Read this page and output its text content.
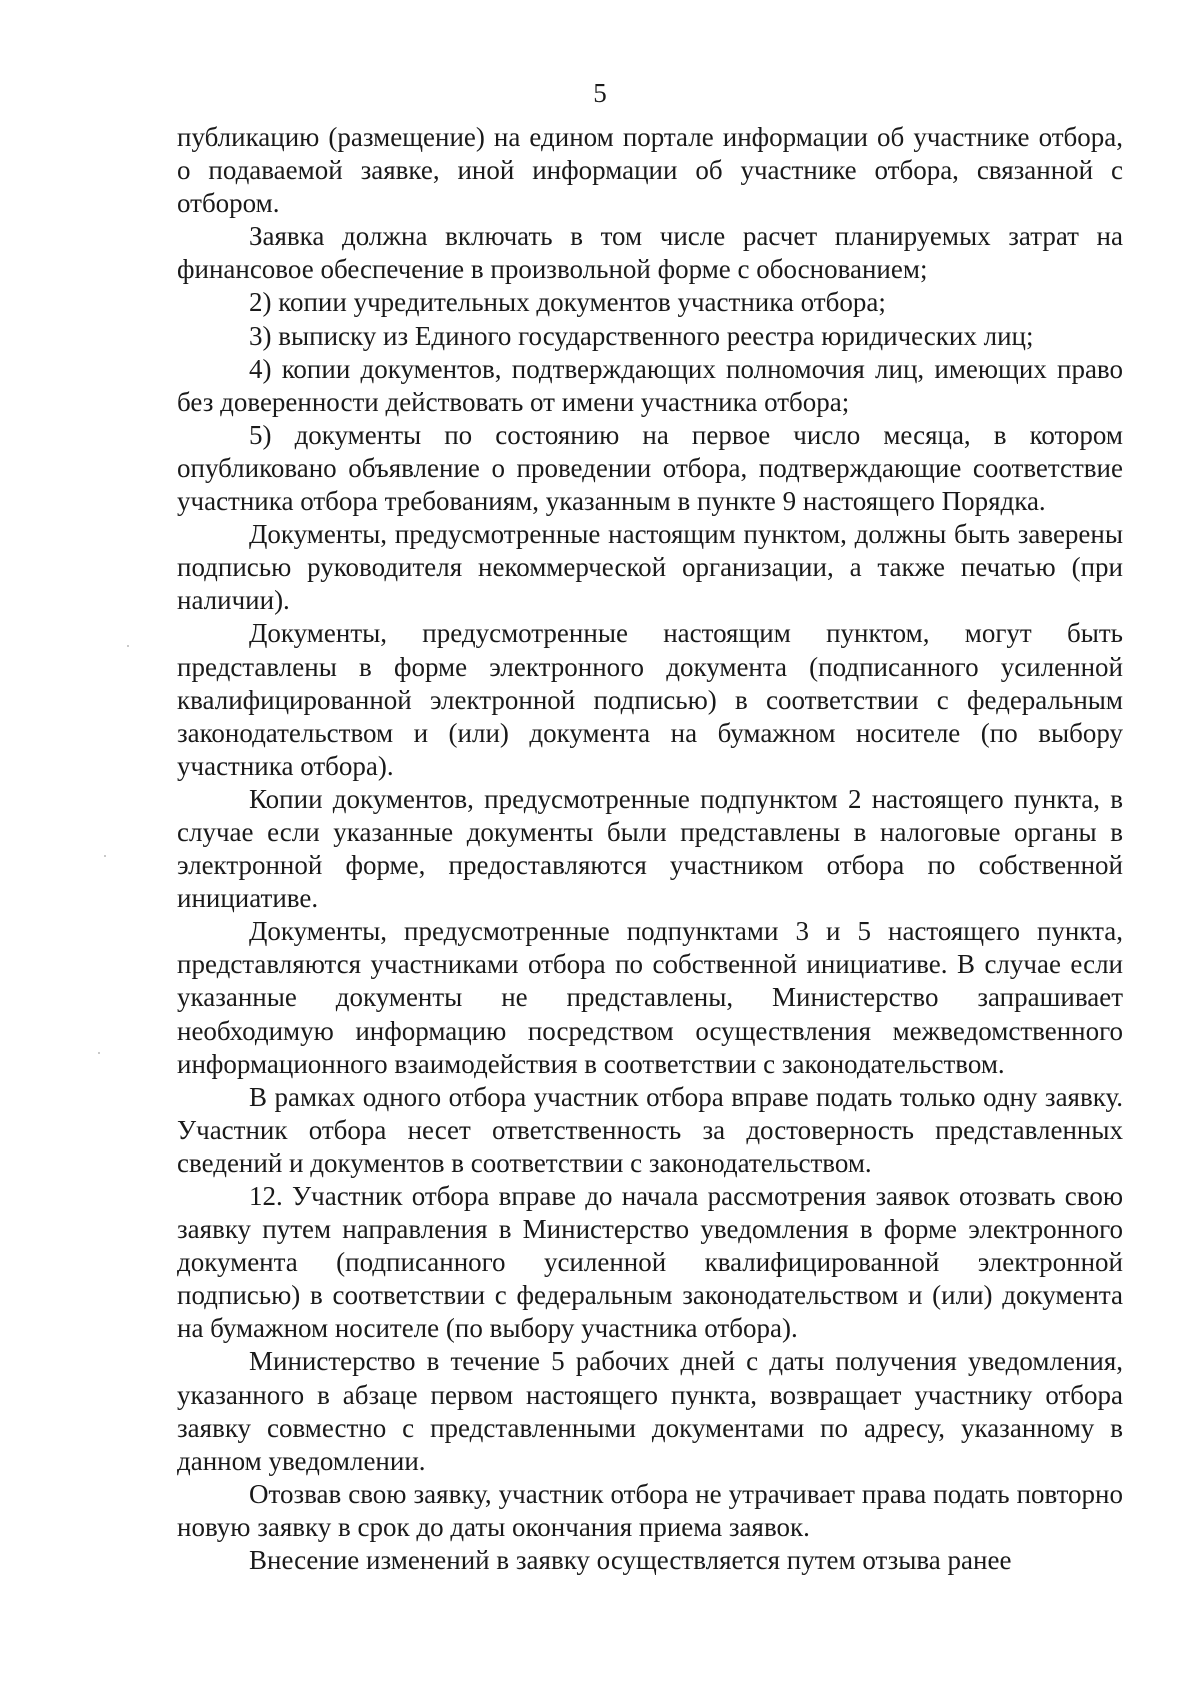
5

публикацию (размещение) на едином портале информации об участнике отбора, о подаваемой заявке, иной информации об участнике отбора, связанной с отбором.

Заявка должна включать в том числе расчет планируемых затрат на финансовое обеспечение в произвольной форме с обоснованием;

2) копии учредительных документов участника отбора;

3) выписку из Единого государственного реестра юридических лиц;

4) копии документов, подтверждающих полномочия лиц, имеющих право без доверенности действовать от имени участника отбора;

5) документы по состоянию на первое число месяца, в котором опубликовано объявление о проведении отбора, подтверждающие соответствие участника отбора требованиям, указанным в пункте 9 настоящего Порядка.

Документы, предусмотренные настоящим пунктом, должны быть заверены подписью руководителя некоммерческой организации, а также печатью (при наличии).

Документы, предусмотренные настоящим пунктом, могут быть представлены в форме электронного документа (подписанного усиленной квалифицированной электронной подписью) в соответствии с федеральным законодательством и (или) документа на бумажном носителе (по выбору участника отбора).

Копии документов, предусмотренные подпунктом 2 настоящего пункта, в случае если указанные документы были представлены в налоговые органы в электронной форме, предоставляются участником отбора по собственной инициативе.

Документы, предусмотренные подпунктами 3 и 5 настоящего пункта, представляются участниками отбора по собственной инициативе. В случае если указанные документы не представлены, Министерство запрашивает необходимую информацию посредством осуществления межведомственного информационного взаимодействия в соответствии с законодательством.

В рамках одного отбора участник отбора вправе подать только одну заявку. Участник отбора несет ответственность за достоверность представленных сведений и документов в соответствии с законодательством.

12. Участник отбора вправе до начала рассмотрения заявок отозвать свою заявку путем направления в Министерство уведомления в форме электронного документа (подписанного усиленной квалифицированной электронной подписью) в соответствии с федеральным законодательством и (или) документа на бумажном носителе (по выбору участника отбора).

Министерство в течение 5 рабочих дней с даты получения уведомления, указанного в абзаце первом настоящего пункта, возвращает участнику отбора заявку совместно с представленными документами по адресу, указанному в данном уведомлении.

Отозвав свою заявку, участник отбора не утрачивает права подать повторно новую заявку в срок до даты окончания приема заявок.

Внесение изменений в заявку осуществляется путем отзыва ранее
